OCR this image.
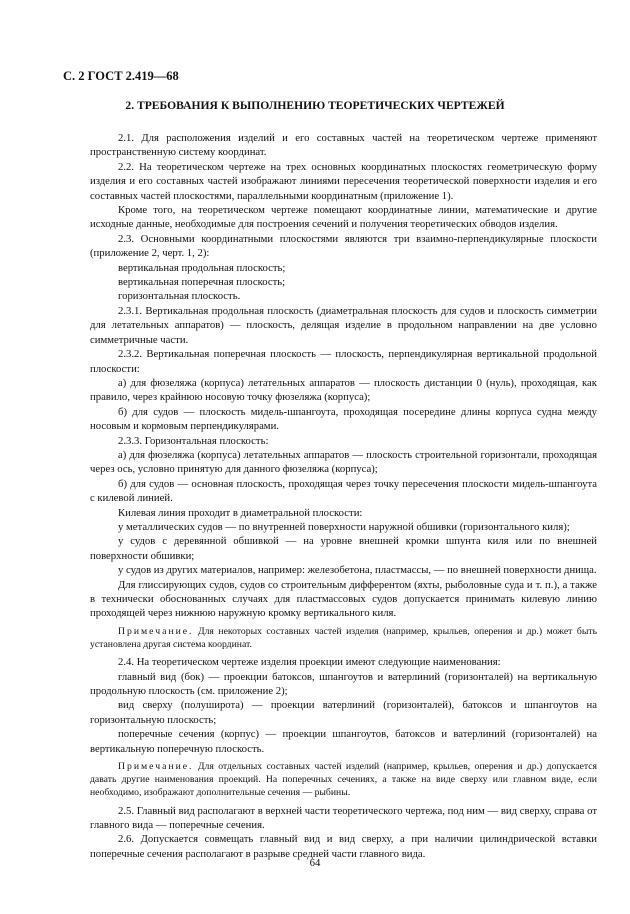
С. 2 ГОСТ 2.419—68
2. ТРЕБОВАНИЯ К ВЫПОЛНЕНИЮ ТЕОРЕТИЧЕСКИХ ЧЕРТЕЖЕЙ

2.1. Для расположения изделий и его составных частей на теоретическом чертеже применяют пространственную систему координат.

2.2. На теоретическом чертеже на трех основных координатных плоскостях геометрическую форму изделия и его составных частей изображают линиями пересечения теоретической поверхности изделия и его составных частей плоскостями, параллельными координатным (приложение 1).

Кроме того, на теоретическом чертеже помещают координатные линии, математические и другие исходные данные, необходимые для построения сечений и получения теоретических обводов изделия.

2.3. Основными координатными плоскостями являются три взаимно-перпендикулярные плоскости (приложение 2, черт. 1, 2):

вертикальная продольная плоскость;

вертикальная поперечная плоскость;

горизонтальная плоскость.

2.3.1. Вертикальная продольная плоскость (диаметральная плоскость для судов и плоскость симметрии для летательных аппаратов) — плоскость, делящая изделие в продольном направлении на две условно симметричные части.

2.3.2. Вертикальная поперечная плоскость — плоскость, перпендикулярная вертикальной продольной плоскости:

а) для фюзеляжа (корпуса) летательных аппаратов — плоскость дистанции 0 (нуль), проходящая, как правило, через крайнюю носовую точку фюзеляжа (корпуса);

б) для судов — плоскость мидель-шпангоута, проходящая посередине длины корпуса судна между носовым и кормовым перпендикулярами.

2.3.3. Горизонтальная плоскость:

а) для фюзеляжа (корпуса) летательных аппаратов — плоскость строительной горизонтали, проходящая через ось, условно принятую для данного фюзеляжа (корпуса);

б) для судов — основная плоскость, проходящая через точку пересечения плоскости мидель-шпангоута с килевой линией.

Килевая линия проходит в диаметральной плоскости:

у металлических судов — по внутренней поверхности наружной обшивки (горизонтального киля);

у судов с деревянной обшивкой — на уровне внешней кромки шпунта киля или по внешней поверхности обшивки;

у судов из других материалов, например: железобетона, пластмассы, — по внешней поверхности днища.

Для глиссирующих судов, судов со строительным дифферентом (яхты, рыболовные суда и т. п.), а также в технически обоснованных случаях для пластмассовых судов допускается принимать килевую линию проходящей через нижнюю наружную кромку вертикального киля.

Примечание. Для некоторых составных частей изделия (например, крыльев, оперения и др.) может быть установлена другая система координат.

2.4. На теоретическом чертеже изделия проекции имеют следующие наименования:

главный вид (бок) — проекции батоксов, шпангоутов и ватерлиний (горизонталей) на вертикальную продольную плоскость (см. приложение 2);

вид сверху (полуширота) — проекции ватерлиний (горизонталей), батоксов и шпангоутов на горизонтальную плоскость;

поперечные сечения (корпус) — проекции шпангоутов, батоксов и ватерлиний (горизонталей) на вертикальную поперечную плоскость.

Примечание. Для отдельных составных частей изделий (например, крыльев, оперения и др.) допускается давать другие наименования проекций. На поперечных сечениях, а также на виде сверху или главном виде, если необходимо, изображают дополнительные сечения — рыбины.

2.5. Главный вид располагают в верхней части теоретического чертежа, под ним — вид сверху, справа от главного вида — поперечные сечения.

2.6. Допускается совмещать главный вид и вид сверху, а при наличии цилиндрической вставки поперечные сечения располагают в разрыве средней части главного вида.

64
